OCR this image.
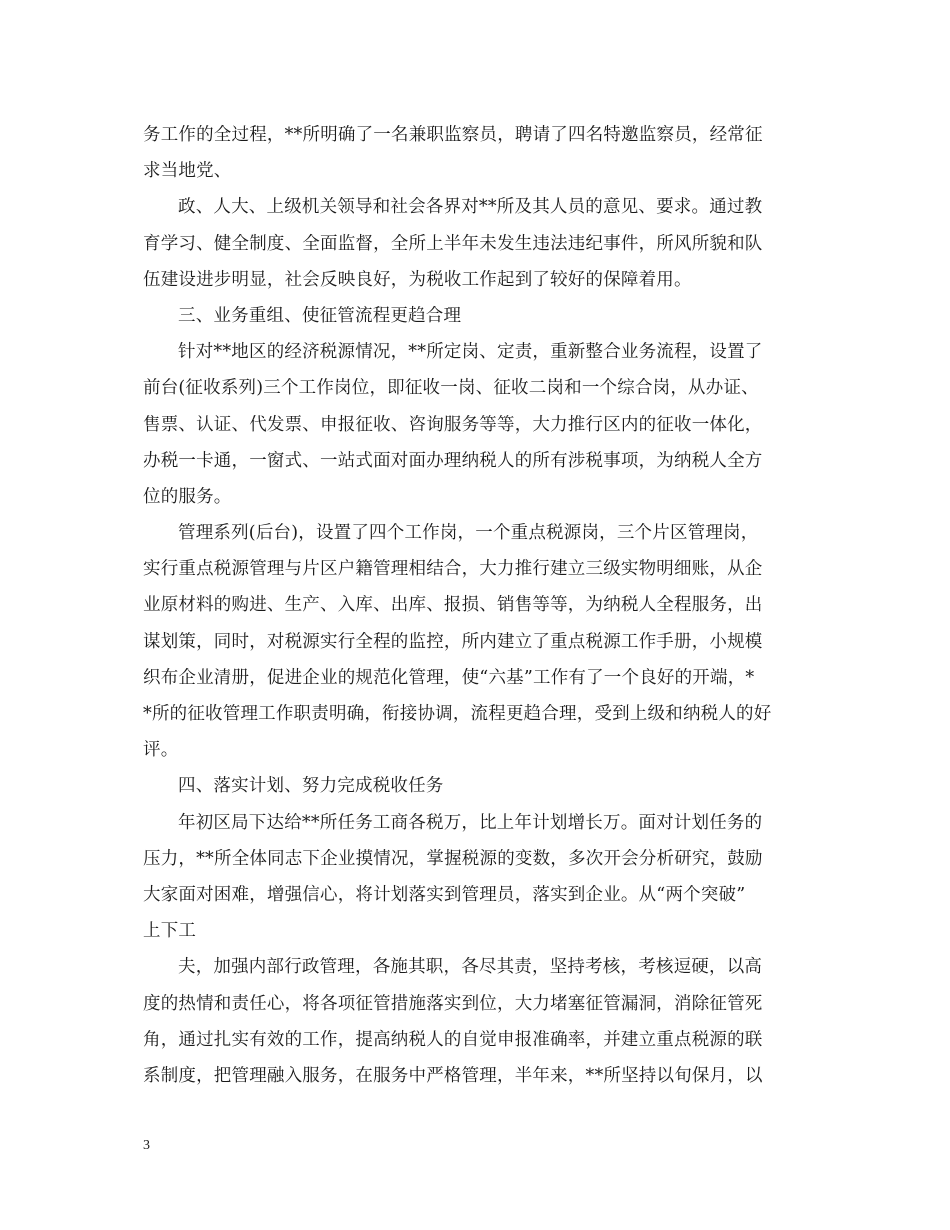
务工作的全过程，**所明确了一名兼职监察员，聘请了四名特邀监察员，经常征
求当地党、
政、人大、上级机关领导和社会各界对**所及其人员的意见、要求。通过教
育学习、健全制度、全面监督，全所上半年未发生违法违纪事件，所风所貌和队
伍建设进步明显，社会反映良好，为税收工作起到了较好的保障着用。
三、业务重组、使征管流程更趋合理
针对**地区的经济税源情况，**所定岗、定责，重新整合业务流程，设置了
前台(征收系列)三个工作岗位，即征收一岗、征收二岗和一个综合岗，从办证、
售票、认证、代发票、申报征收、咨询服务等等，大力推行区内的征收一体化，
办税一卡通，一窗式、一站式面对面办理纳税人的所有涉税事项，为纳税人全方
位的服务。
管理系列(后台)，设置了四个工作岗，一个重点税源岗，三个片区管理岗，
实行重点税源管理与片区户籍管理相结合，大力推行建立三级实物明细账，从企
业原材料的购进、生产、入库、出库、报损、销售等等，为纳税人全程服务，出
谋划策，同时，对税源实行全程的监控，所内建立了重点税源工作手册，小规模
织布企业清册，促进企业的规范化管理，使“六基”工作有了一个良好的开端，*
*所的征收管理工作职责明确，衔接协调，流程更趋合理，受到上级和纳税人的好
评。
四、落实计划、努力完成税收任务
年初区局下达给**所任务工商各税万，比上年计划增长万。面对计划任务的
压力，**所全体同志下企业摸情况，掌握税源的变数，多次开会分析研究，鼓励
大家面对困难，增强信心，将计划落实到管理员，落实到企业。从“两个突破”
上下工
夫，加强内部行政管理，各施其职，各尽其责，坚持考核，考核逗硬，以高
度的热情和责任心，将各项征管措施落实到位，大力堵塞征管漏洞，消除征管死
角，通过扎实有效的工作，提高纳税人的自觉申报准确率，并建立重点税源的联
系制度，把管理融入服务，在服务中严格管理，半年来，**所坚持以旬保月，以
3
